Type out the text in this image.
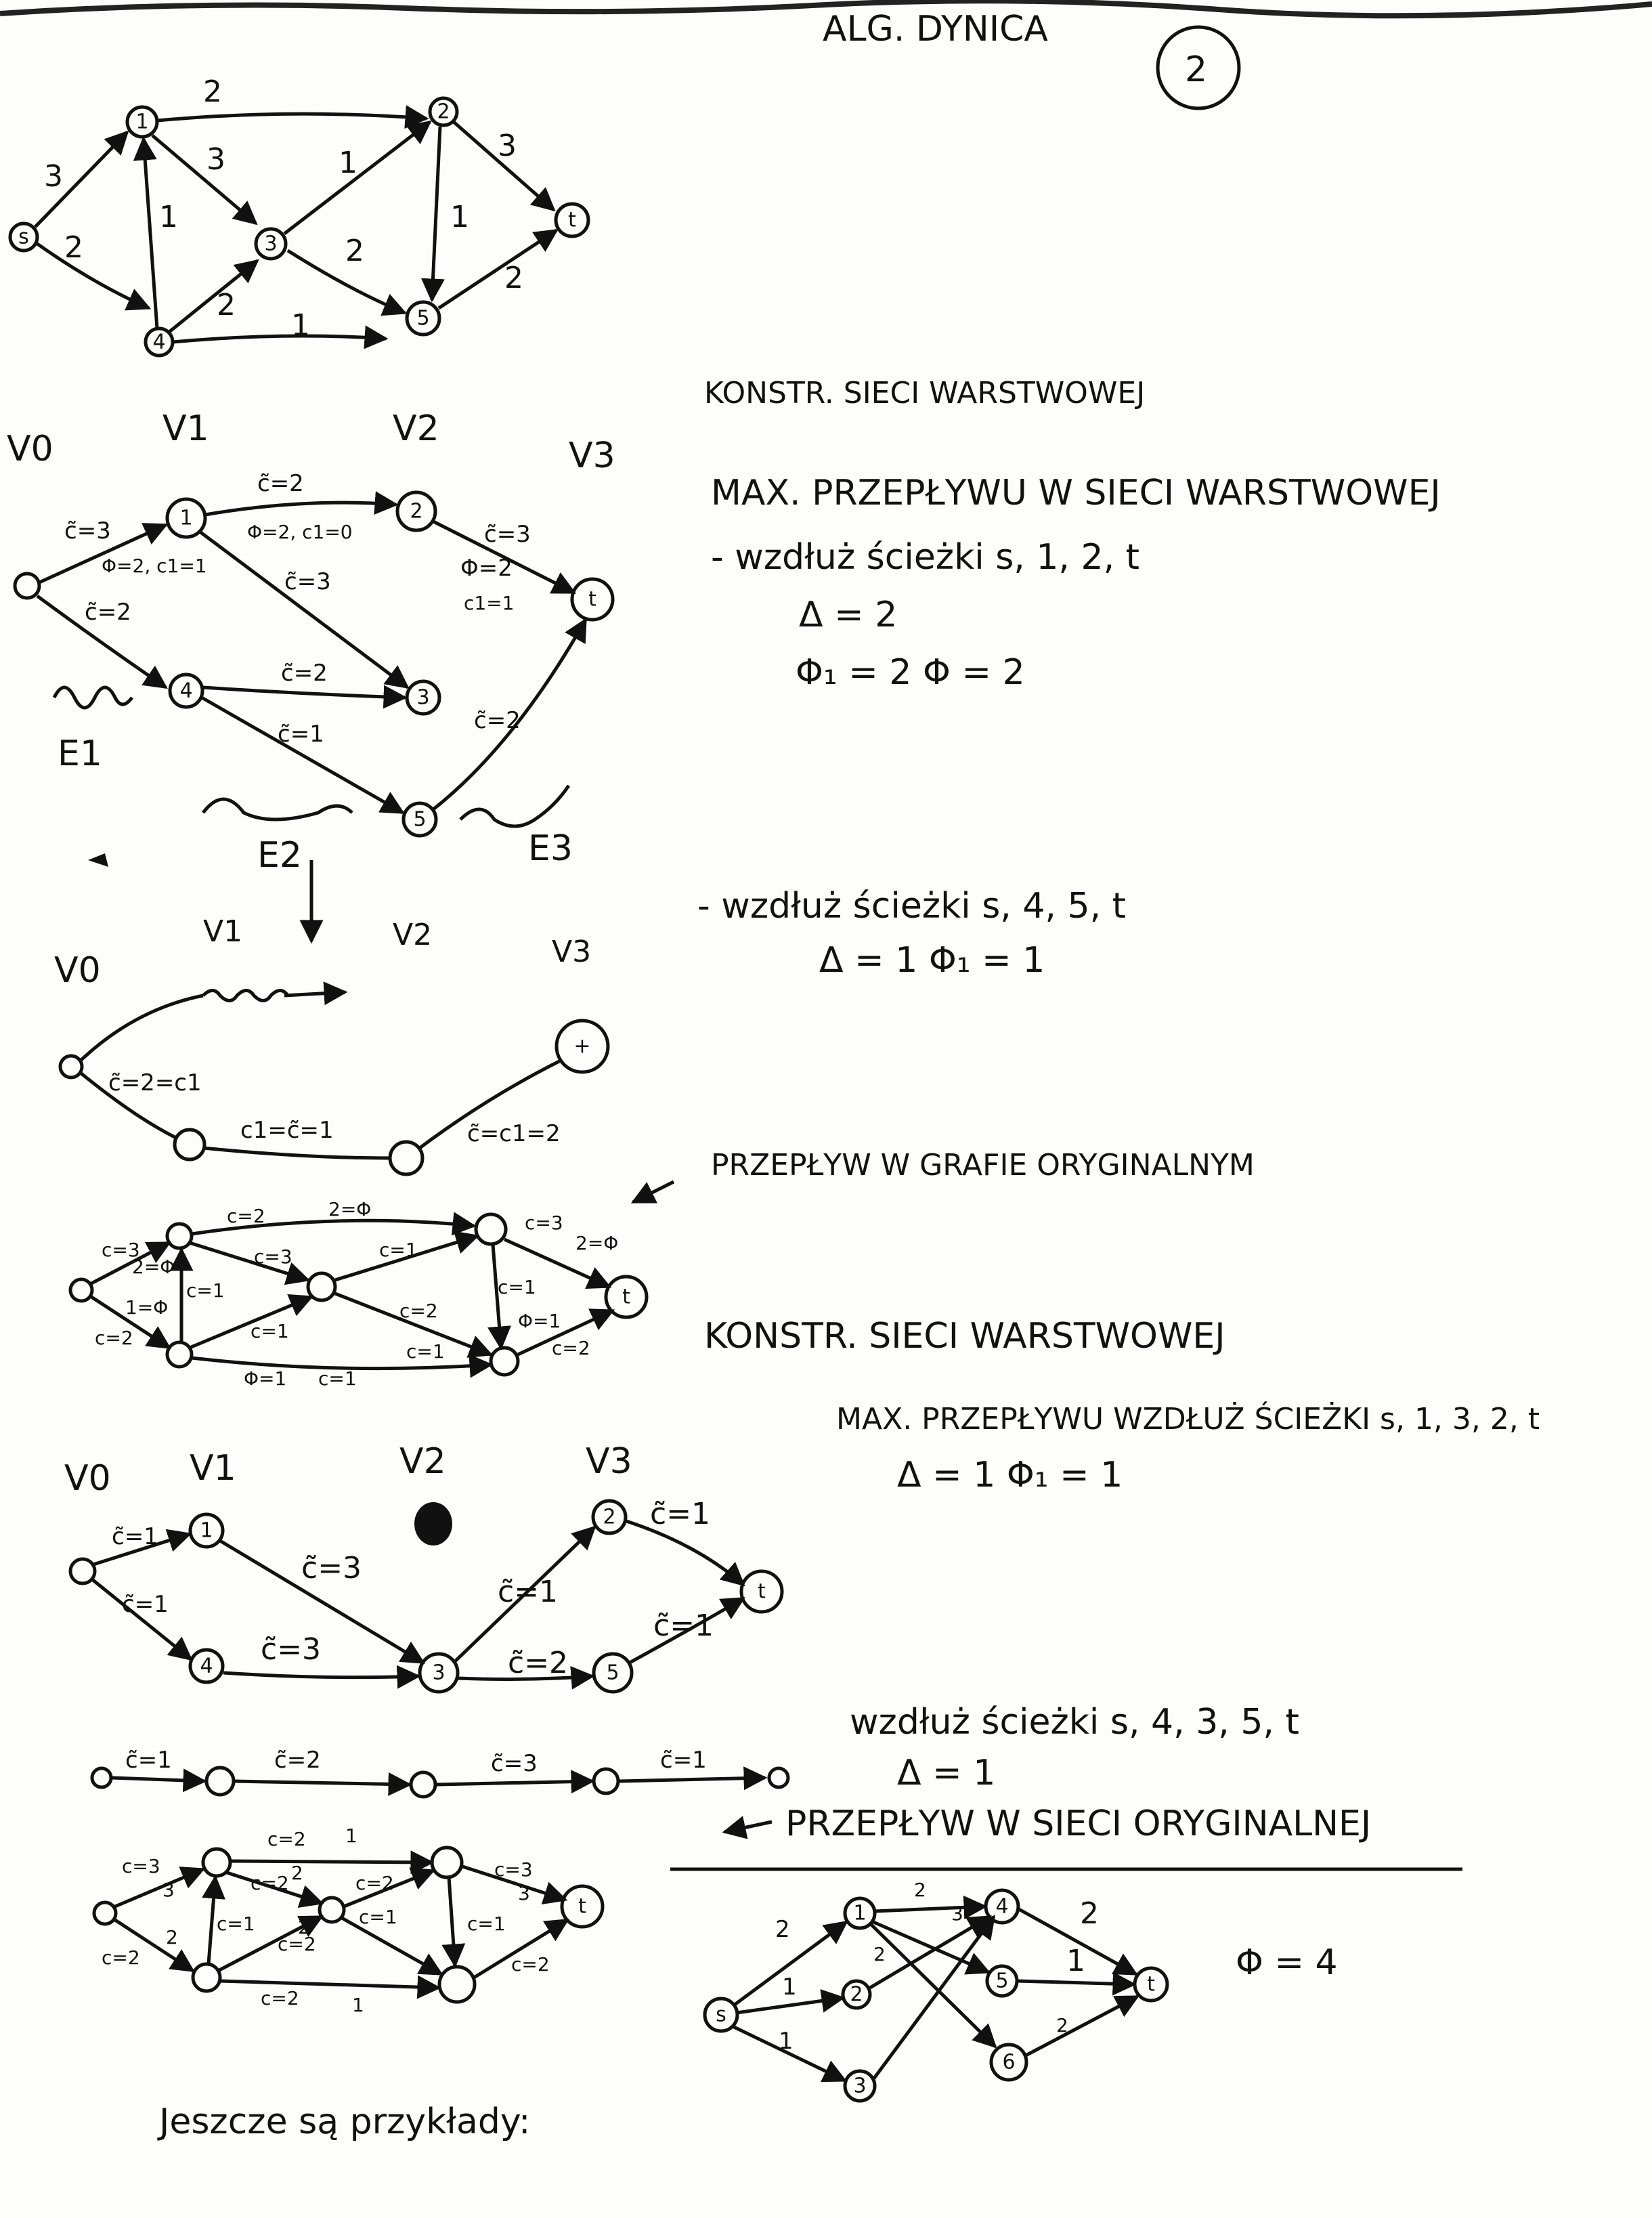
ALG. DYNICA
2
s
1	2
3
4
5
t
3
2
2
3
1
1
2
1
3
2
1
2
KONSTR. SIECI WARSTWOWEJ
MAX. PRZEPŁYWU W SIECI WARSTWOWEJ
- wzdłuż ścieżki s, 1, 2, t
Δ = 2
Φ₁ = 2 Φ = 2
V0	V1	V2
V3
1	2
t
4	3
5
c̃=3
Φ=2, c1=1
c̃=2
c̃=2
Φ=2, c1=0
c̃=3
c̃=2
c̃=1
c̃=3
Φ=2
c1=1
c̃=2
E1
E2	E3
- wzdłuż ścieżki s, 4, 5, t
Δ = 1 Φ₁ = 1
V1	V2	V3
V0
+
c̃=2=c1
c1=c̃=1	c̃=c1=2
PRZEPŁYW W GRAFIE ORYGINALNYM
t
c=3
2=Φ
c=2
1=Φ
c=1
c=2	2=Φ
c=3	c=1
c=1
c=2
c=1
c=3
2=Φ
Φ=1
c=1	c=2
Φ=1 c=1
KONSTR. SIECI WARSTWOWEJ
MAX. PRZEPŁYWU WZDŁUŻ ŚCIEŻKI s, 1, 3, 2, t
Δ = 1 Φ₁ = 1
V0 V1	V2	V3
1
2
t
4	3	5
c̃=1
c̃=1
c̃=3
c̃=3
c̃=1
c̃=2
c̃=1
c̃=1
wzdłuż ścieżki s, 4, 3, 5, t
Δ = 1
PRZEPŁYW W SIECI ORYGINALNEJ
c̃=1	c̃=2	c̃=3	c̃=1
t
c=3
3
c=2
2
c=1
c=2 1
c=2 2	c=2
c=1
c=3
3
c=2
2
c=2
c=1
1
c=2
s
1
2
3
4
5
6
t
2
1
1
2
3
2
2
1
2
Φ = 4
Jeszcze są przykłady:
